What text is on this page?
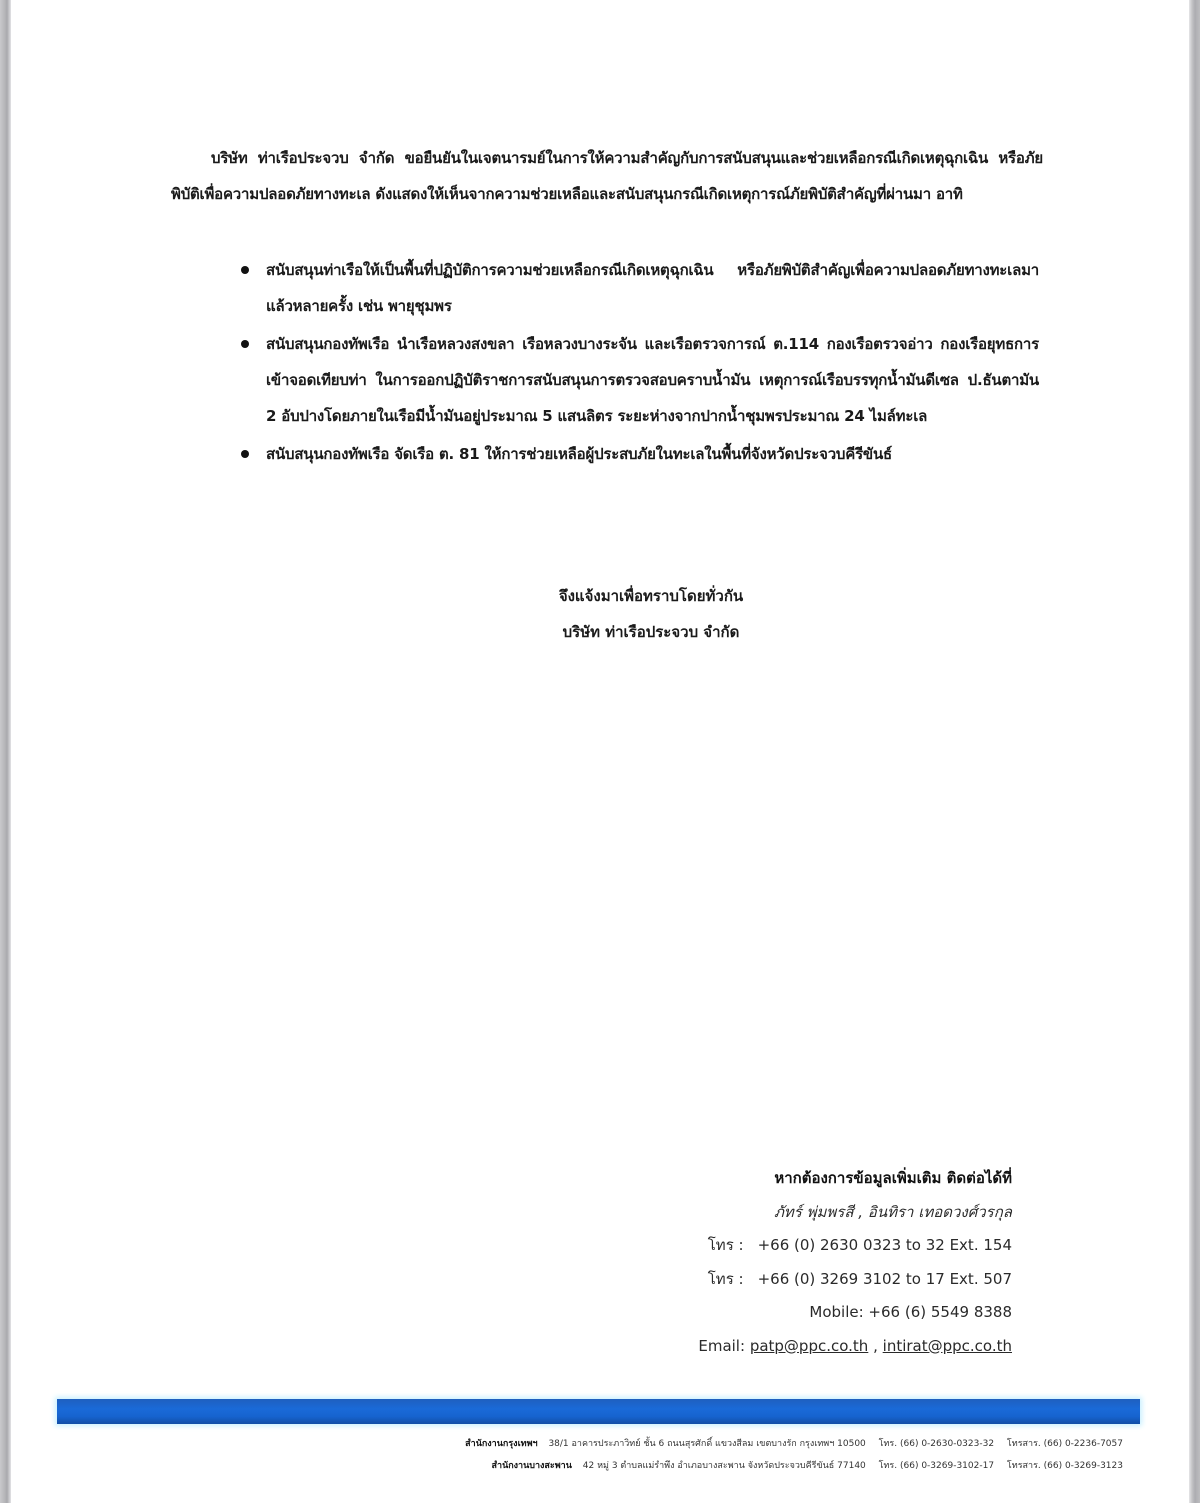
บริษัท ท่าเรือประจวบ จำกัด ขอยืนยันในเจตนารมย์ในการให้ความสำคัญกับการสนับสนุนและช่วยเหลือกรณีเกิดเหตุฉุกเฉิน หรือภัยพิบัติเพื่อความปลอดภัยทางทะเล ดังแสดงให้เห็นจากความช่วยเหลือและสนับสนุนกรณีเกิดเหตุการณ์ภัยพิบัติสำคัญที่ผ่านมา อาทิ

สนับสนุนท่าเรือให้เป็นพื้นที่ปฏิบัติการความช่วยเหลือกรณีเกิดเหตุฉุกเฉิน หรือภัยพิบัติสำคัญเพื่อความปลอดภัยทางทะเลมาแล้วหลายครั้ง เช่น พายุชุมพร
สนับสนุนกองทัพเรือ นำเรือหลวงสงขลา เรือหลวงบางระจัน และเรือตรวจการณ์ ต.114 กองเรือตรวจอ่าว กองเรือยุทธการ เข้าจอดเทียบท่า ในการออกปฏิบัติราชการสนับสนุนการตรวจสอบคราบน้ำมัน เหตุการณ์เรือบรรทุกน้ำมันดีเซล ป.ธันตามัน 2 อับปางโดยภายในเรือมีน้ำมันอยู่ประมาณ 5 แสนลิตร ระยะห่างจากปากน้ำชุมพรประมาณ 24 ไมล์ทะเล
สนับสนุนกองทัพเรือ จัดเรือ ต. 81 ให้การช่วยเหลือผู้ประสบภัยในทะเลในพื้นที่จังหวัดประจวบคีรีขันธ์
จึงแจ้งมาเพื่อทราบโดยทั่วกัน
บริษัท ท่าเรือประจวบ จำกัด
หากต้องการข้อมูลเพิ่มเติม ติดต่อได้ที่
ภัทร์ พุ่มพรสี , อินทิรา เทอดวงศ์วรกุล
โทร : +66 (0) 2630 0323 to 32 Ext. 154
โทร : +66 (0) 3269 3102 to 17 Ext. 507
Mobile: +66 (6) 5549 8388
Email: patp@ppc.co.th , intirat@ppc.co.th
สำนักงานกรุงเทพฯ 38/1 อาคารประภาวิทย์ ชั้น 6 ถนนสุรศักดิ์ แขวงสีลม เขตบางรัก กรุงเทพฯ 10500 โทร. (66) 0-2630-0323-32 โทรสาร. (66) 0-2236-7057
สำนักงานบางสะพาน 42 หมู่ 3 ตำบลแม่รำพึง อำเภอบางสะพาน จังหวัดประจวบคีรีขันธ์ 77140 โทร. (66) 0-3269-3102-17 โทรสาร. (66) 0-3269-3123
